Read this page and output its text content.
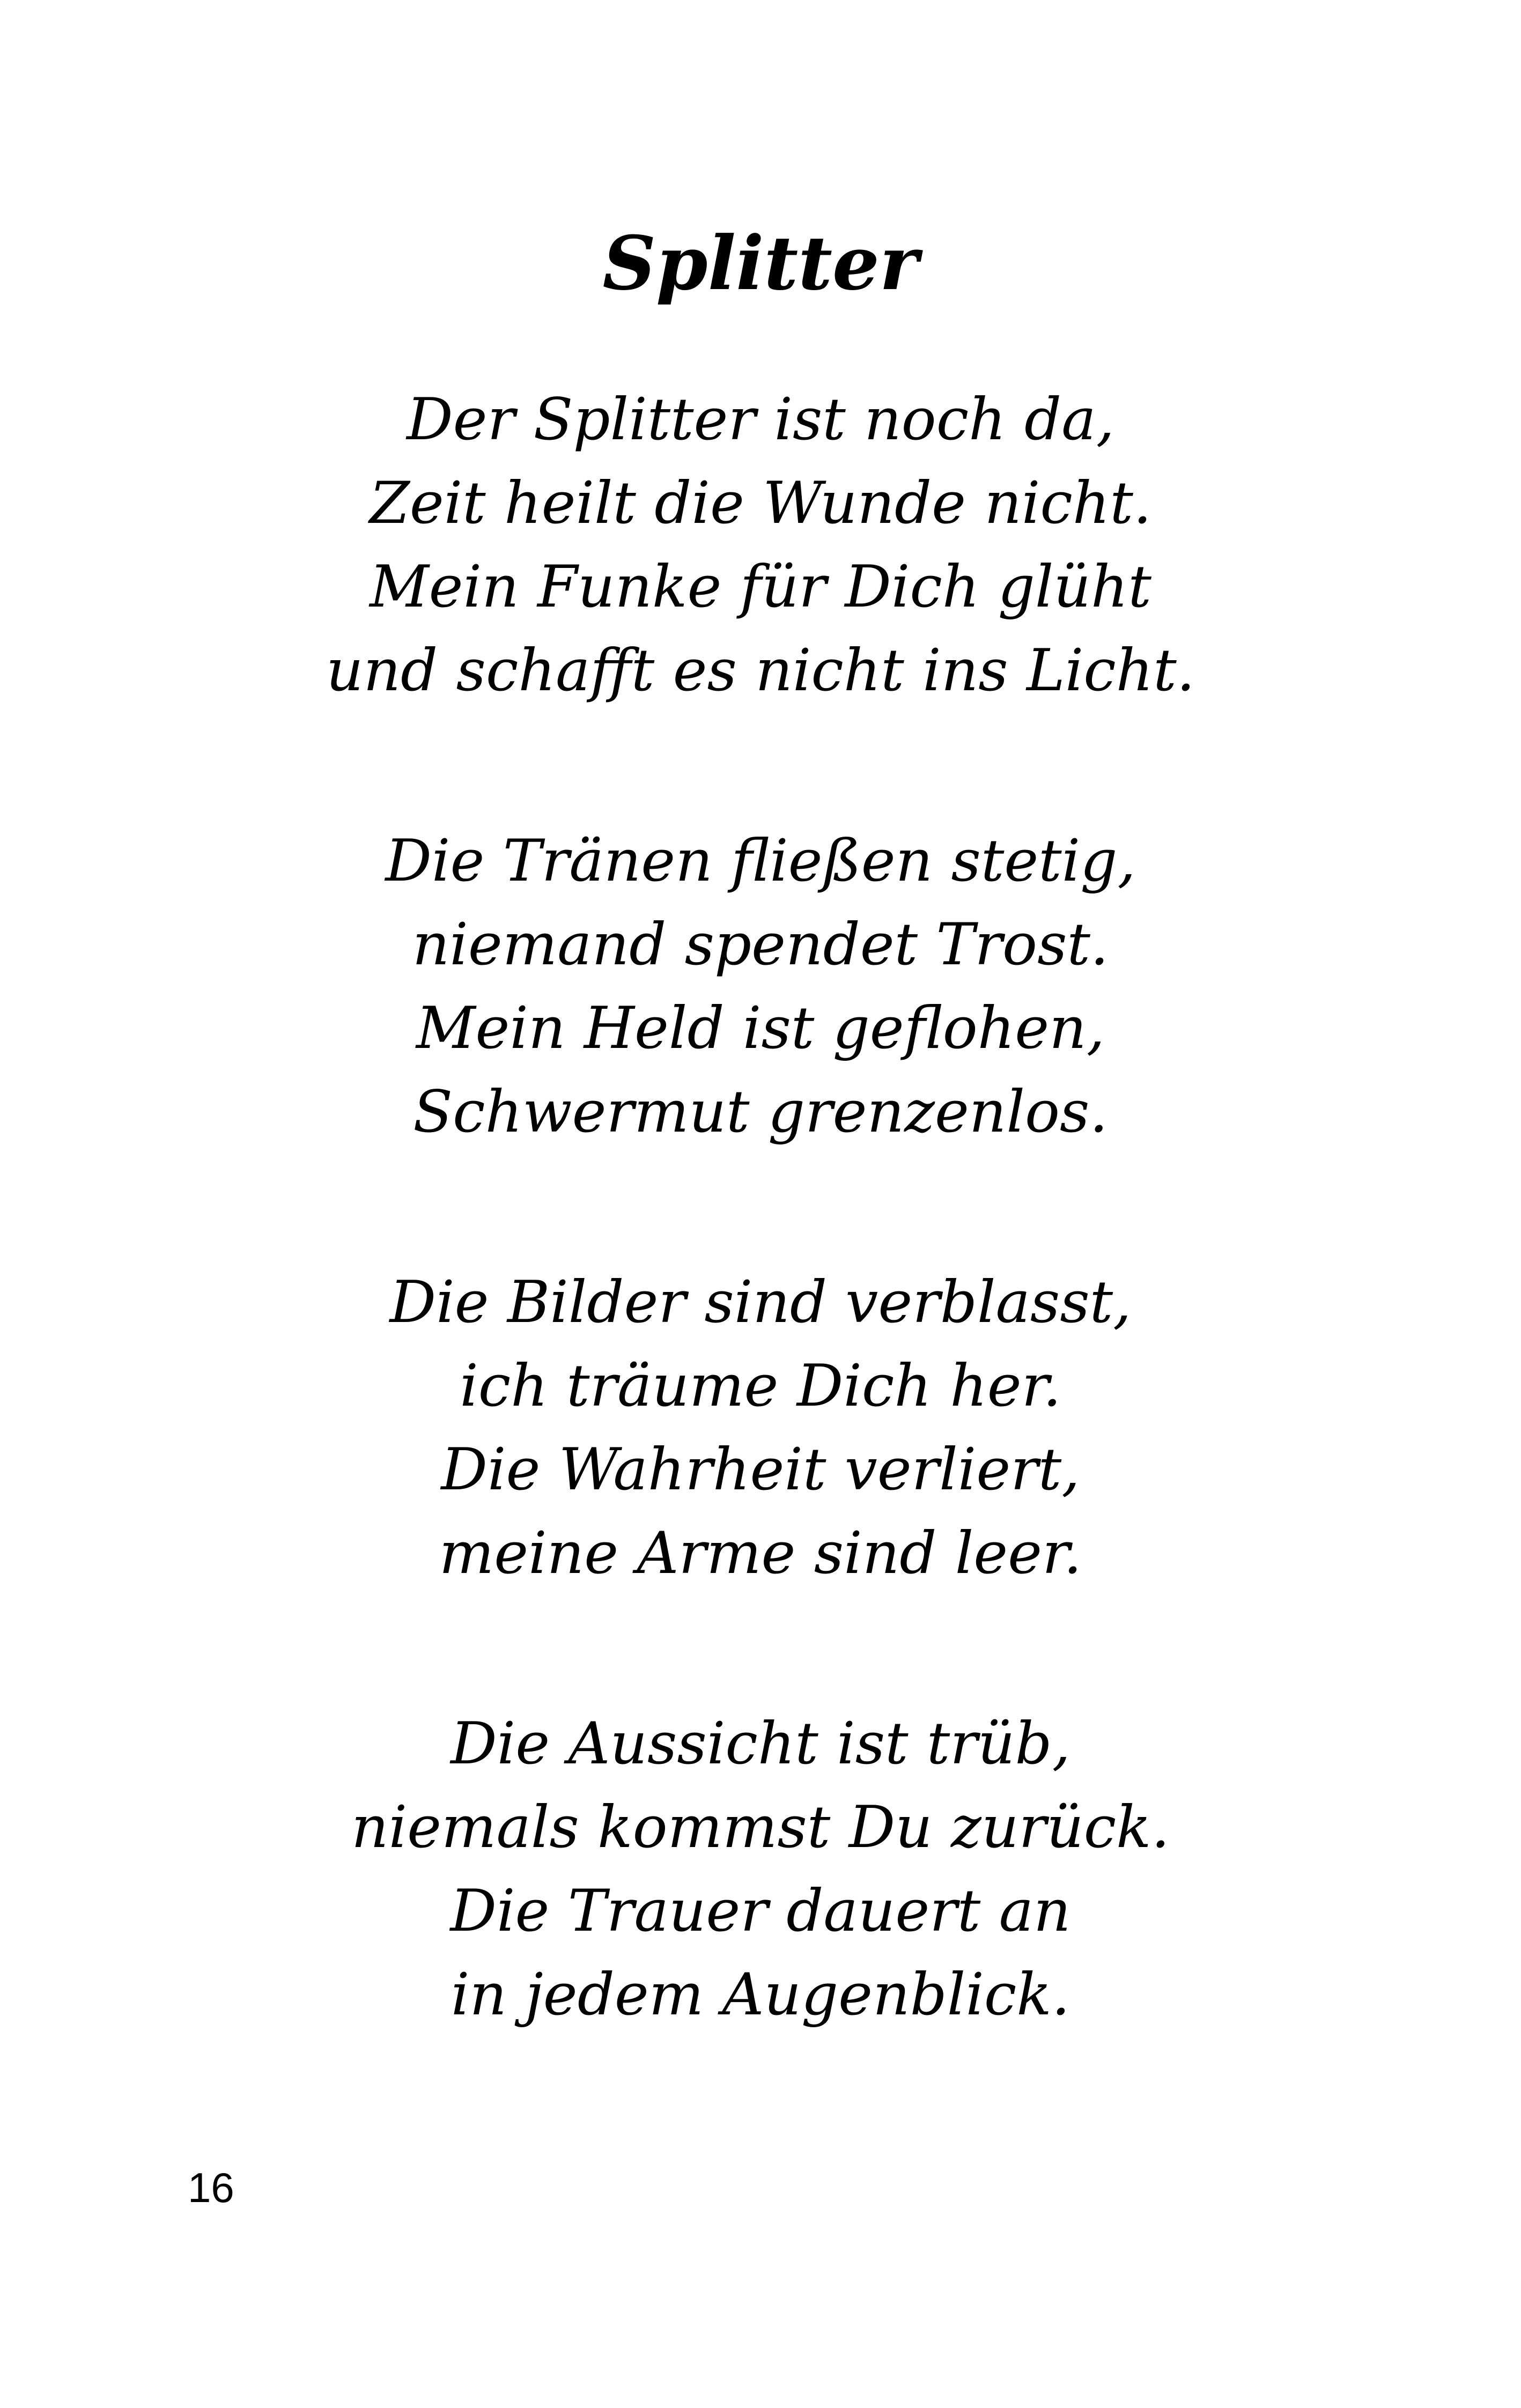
Splitter
Der Splitter ist noch da,
Zeit heilt die Wunde nicht.
Mein Funke für Dich glüht
und schafft es nicht ins Licht.
Die Tränen fließen stetig,
niemand spendet Trost.
Mein Held ist geflohen,
Schwermut grenzenlos.
Die Bilder sind verblasst,
ich träume Dich her.
Die Wahrheit verliert,
meine Arme sind leer.
Die Aussicht ist trüb,
niemals kommst Du zurück.
Die Trauer dauert an
in jedem Augenblick.
16
